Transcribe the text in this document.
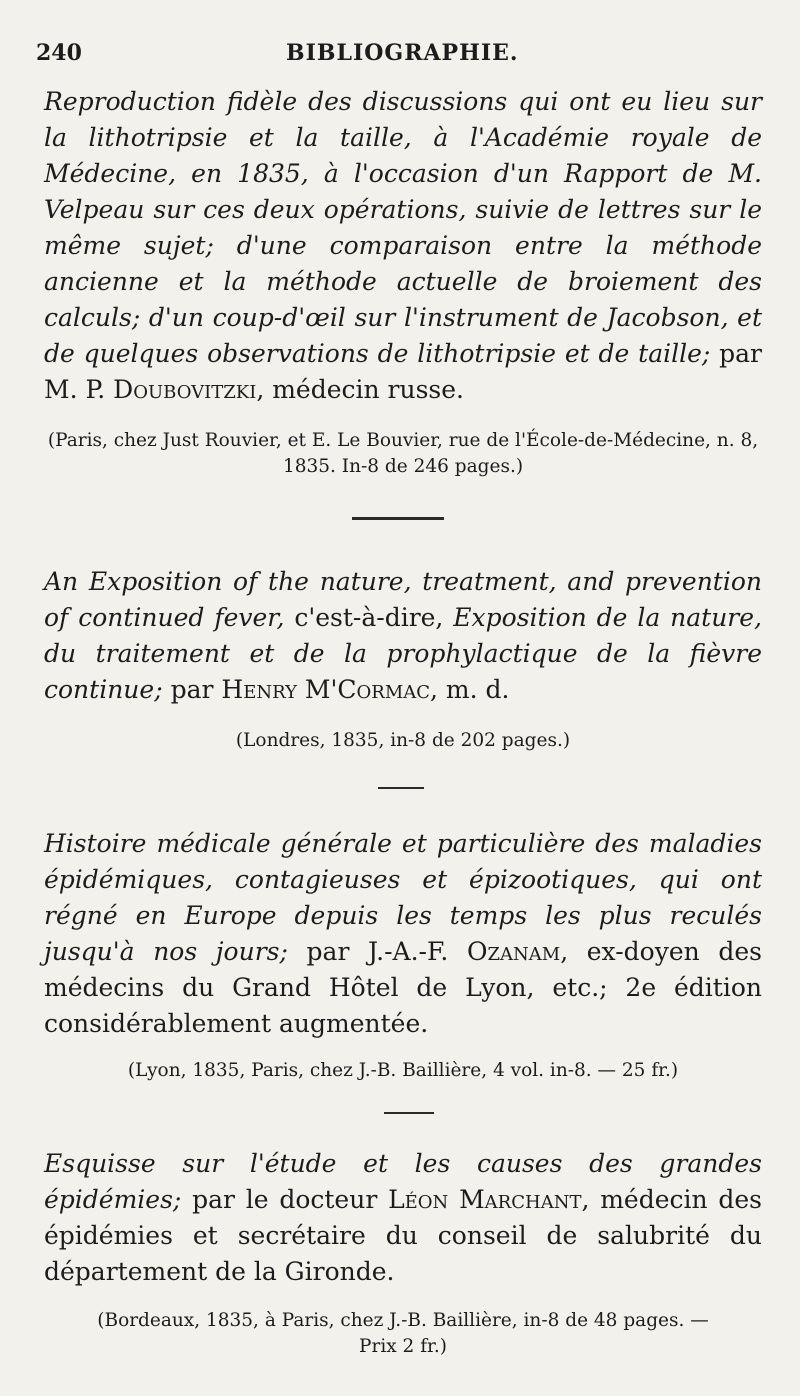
240	BIBLIOGRAPHIE.

Reproduction fidèle des discussions qui ont eu lieu sur la lithotripsie et la taille, à l'Académie royale de Médecine, en 1835, à l'occasion d'un Rapport de M. Velpeau sur ces deux opérations, suivie de lettres sur le même sujet; d'une comparaison entre la méthode ancienne et la méthode actuelle de broiement des calculs; d'un coup-d'œil sur l'instrument de Jacobson, et de quelques observations de lithotripsie et de taille; par M. P. Doubovitzki, médecin russe.

(Paris, chez Just Rouvier, et E. Le Bouvier, rue de l'École-de-Médecine, n. 8, 1835. In-8 de 246 pages.)

An Exposition of the nature, treatment, and prevention of continued fever, c'est-à-dire, Exposition de la nature, du traitement et de la prophylactique de la fièvre continue; par Henry M'Cormac, m. d.

(Londres, 1835, in-8 de 202 pages.)

Histoire médicale générale et particulière des maladies épidémiques, contagieuses et épizootiques, qui ont régné en Europe depuis les temps les plus reculés jusqu'à nos jours; par J.-A.-F. Ozanam, ex-doyen des médecins du Grand Hôtel de Lyon, etc.; 2e édition considérablement augmentée.

(Lyon, 1835, Paris, chez J.-B. Baillière, 4 vol. in-8. — 25 fr.)

Esquisse sur l'étude et les causes des grandes épidémies; par le docteur Léon Marchant, médecin des épidémies et secrétaire du conseil de salubrité du département de la Gironde.

(Bordeaux, 1835, à Paris, chez J.-B. Baillière, in-8 de 48 pages. —

Prix 2 fr.)
